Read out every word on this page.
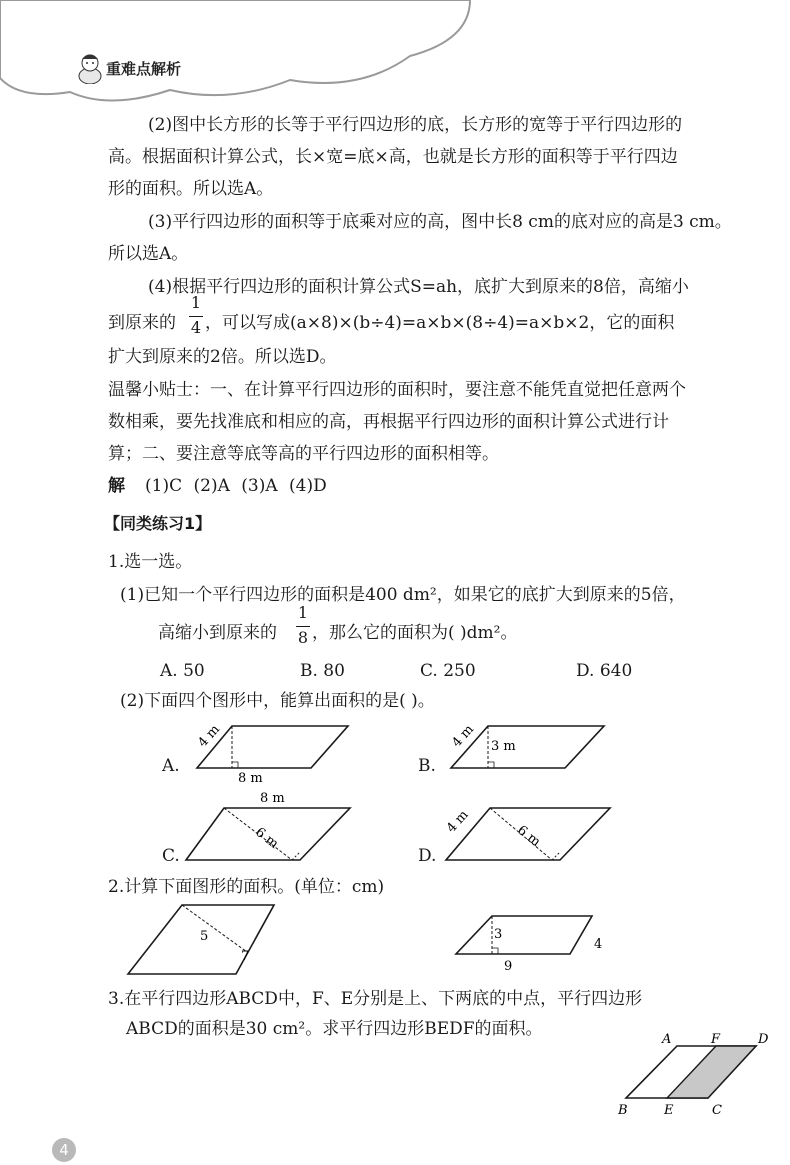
重难点解析
(2)图中长方形的长等于平行四边形的底，长方形的宽等于平行四边形的
高。根据面积计算公式，长×宽=底×高，也就是长方形的面积等于平行四边
形的面积。所以选A。
(3)平行四边形的面积等于底乘对应的高，图中长8 cm的底对应的高是3 cm。
所以选A。
(4)根据平行四边形的面积计算公式S=ah，底扩大到原来的8倍，高缩小
到原来的
1
4 ，可以写成(a×8)×(b÷4)=a×b×(8÷4)=a×b×2，它的面积
扩大到原来的2倍。所以选D。
温馨小贴士：一、在计算平行四边形的面积时，要注意不能凭直觉把任意两个
数相乘，要先找准底和相应的高，再根据平行四边形的面积计算公式进行计
算；二、要注意等底等高的平行四边形的面积相等。
解 (1)C (2)A (3)A (4)D
【同类练习1】
1.选一选。
(1)已知一个平行四边形的面积是400 dm²，如果它的底扩大到原来的5倍，
高缩小到原来的
1
8 ，那么它的面积为( )dm²。
A. 50	B. 80	C. 250	D. 640
(2)下面四个图形中，能算出面积的是( )。
A.
4 m
8 m
B.
4 m 3 m
8 m
6 m
C.
4 m
6 m
D.
2.计算下面图形的面积。(单位：cm)
5
7
3
9
4
3.在平行四边形ABCD中，F、E分别是上、下两底的中点，平行四边形
ABCD的面积是30 cm²。求平行四边形BEDF的面积。
A	F	D
B	E	C
4
